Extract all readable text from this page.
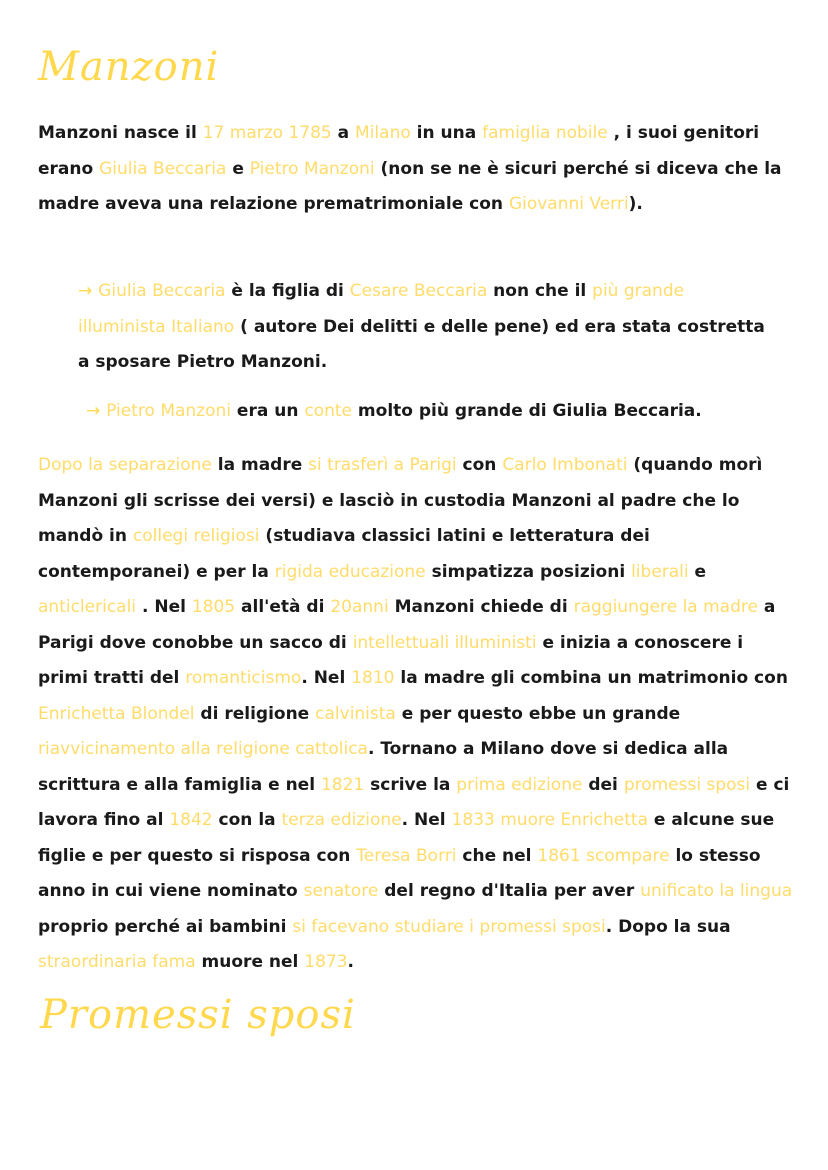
Manzoni

Manzoni nasce il 17 marzo 1785 a Milano in una famiglia nobile , i suoi genitori erano Giulia Beccaria e Pietro Manzoni (non se ne è sicuri perché si diceva che la madre aveva una relazione prematrimoniale con Giovanni Verri).

→ Giulia Beccaria è la figlia di Cesare Beccaria non che il più grande illuminista Italiano ( autore Dei delitti e delle pene) ed era stata costretta a sposare Pietro Manzoni.

→ Pietro Manzoni era un conte molto più grande di Giulia Beccaria.

Dopo la separazione la madre si trasferì a Parigi con Carlo Imbonati (quando morì Manzoni gli scrisse dei versi) e lasciò in custodia Manzoni al padre che lo mandò in collegi religiosi (studiava classici latini e letteratura dei contemporanei) e per la rigida educazione simpatizza posizioni liberali e anticlericali . Nel 1805 all'età di 20anni Manzoni chiede di raggiungere la madre a Parigi dove conobbe un sacco di intellettuali illuministi e inizia a conoscere i primi tratti del romanticismo. Nel 1810 la madre gli combina un matrimonio con Enrichetta Blondel di religione calvinista e per questo ebbe un grande riavvicinamento alla religione cattolica. Tornano a Milano dove si dedica alla scrittura e alla famiglia e nel 1821 scrive la prima edizione dei promessi sposi e ci lavora fino al 1842 con la terza edizione. Nel 1833 muore Enrichetta e alcune sue figlie e per questo si risposa con Teresa Borri che nel 1861 scompare lo stesso anno in cui viene nominato senatore del regno d'Italia per aver unificato la lingua proprio perché ai bambini si facevano studiare i promessi sposi. Dopo la sua straordinaria fama muore nel 1873.

Promessi sposi
